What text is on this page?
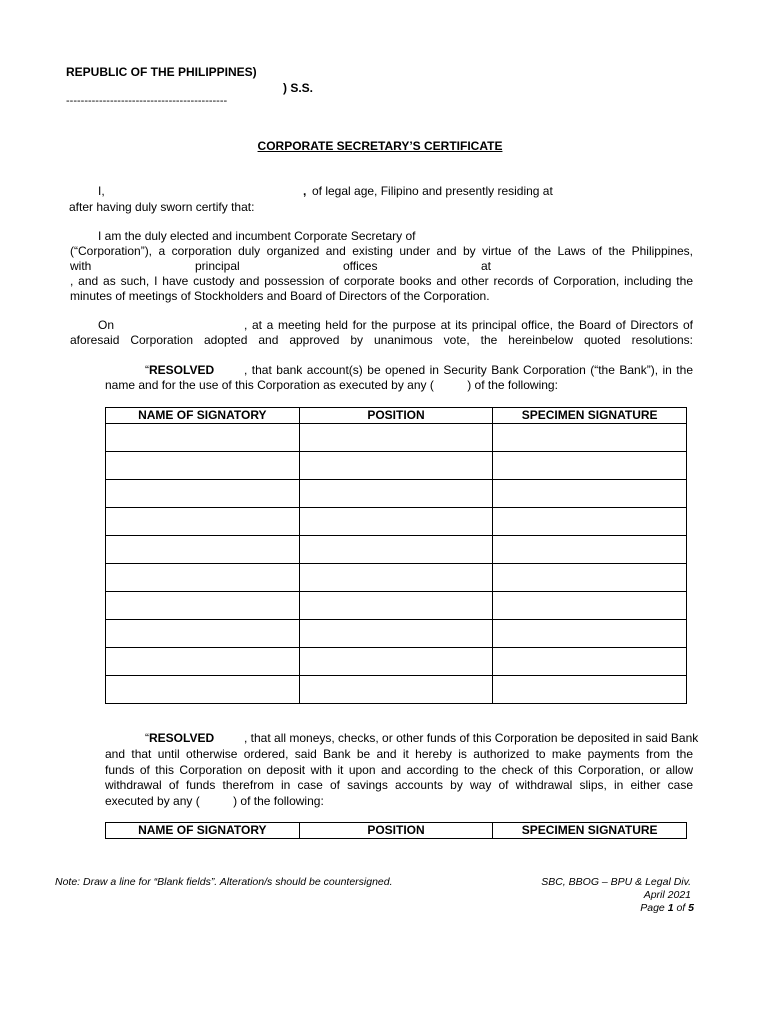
REPUBLIC OF THE PHILIPPINES)
) S.S.
--------------------------------------------
CORPORATE SECRETARY’S CERTIFICATE
I,	, of legal age, Filipino and presently residing at
after having duly sworn certify that:
I am the duly elected and incumbent Corporate Secretary of
(“Corporation”), a corporation duly organized and existing under and by virtue of the Laws of the Philippines,
with	principal	offices	at
, and as such, I have custody and possession of corporate books and other records of Corporation, including the
minutes of meetings of Stockholders and Board of Directors of the Corporation.
On	, at a meeting held for the purpose at its principal office, the Board of Directors of
aforesaid Corporation adopted and approved by unanimous vote, the hereinbelow quoted resolutions:
“RESOLVED , that bank account(s) be opened in Security Bank Corporation (“the Bank”), in the
name and for the use of this Corporation as executed by any (          ) of the following:
NAME OF SIGNATORY	POSITION	SPECIMEN SIGNATURE

“RESOLVED , that all moneys, checks, or other funds of this Corporation be deposited in said Bank
and that until otherwise ordered, said Bank be and it hereby is authorized to make payments from the
funds of this Corporation on deposit with it upon and according to the check of this Corporation, or allow
withdrawal of funds therefrom in case of savings accounts by way of withdrawal slips, in either case
executed by any (          ) of the following:
NAME OF SIGNATORY	POSITION	SPECIMEN SIGNATURE
Note: Draw a line for “Blank fields”. Alteration/s should be countersigned.	SBC, BBOG – BPU & Legal Div.
April 2021
Page 1 of 5
